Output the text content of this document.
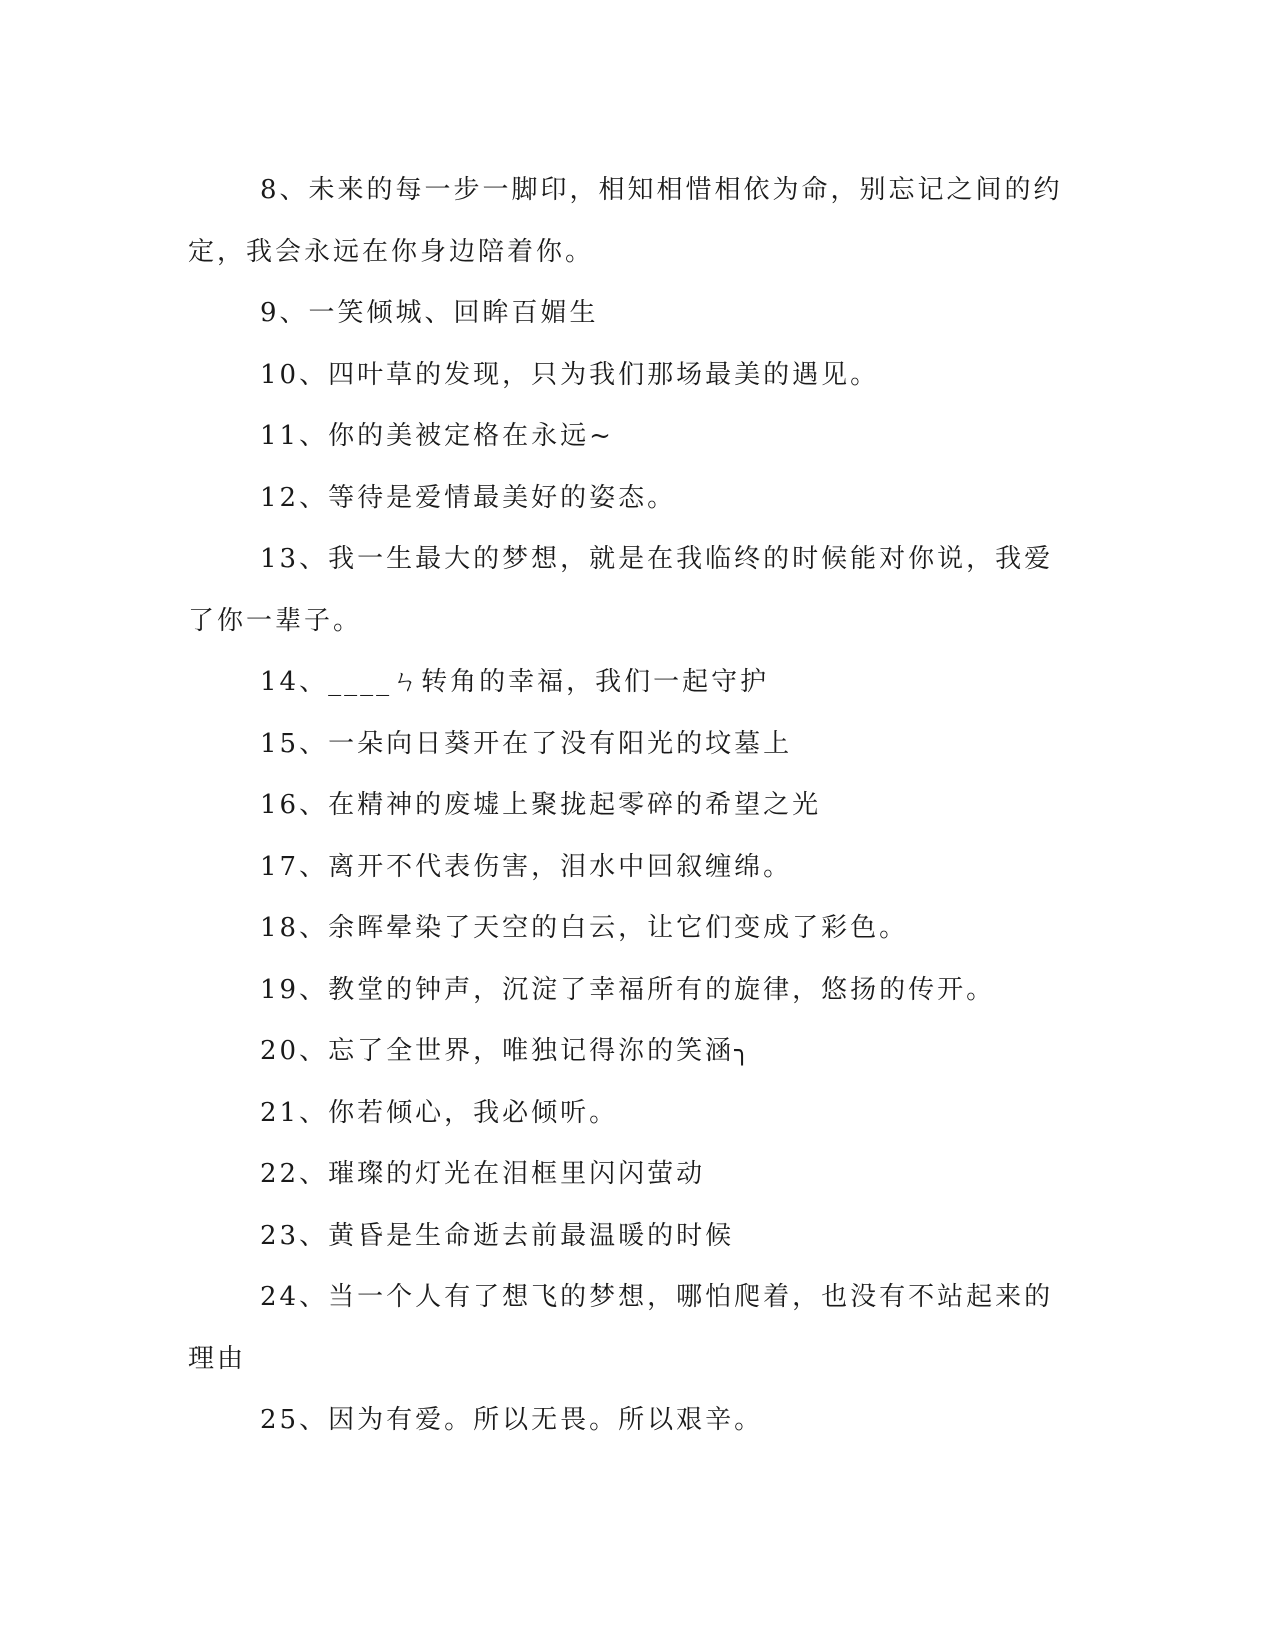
8、未来的每一步一脚印，相知相惜相依为命，别忘记之间的约定，我会永远在你身边陪着你。

9、一笑倾城、回眸百媚生

10、四叶草的发现，只为我们那场最美的遇见。

11、你的美被定格在永远~

12、等待是爱情最美好的姿态。

13、我一生最大的梦想，就是在我临终的时候能对你说，我爱了你一辈子。

14、____ㄣ转角的幸福，我们一起守护

15、一朵向日葵开在了没有阳光的坟墓上

16、在精神的废墟上聚拢起零碎的希望之光

17、离开不代表伤害，泪水中回叙缠绵。

18、余晖晕染了天空的白云，让它们变成了彩色。

19、教堂的钟声，沉淀了幸福所有的旋律，悠扬的传开。

20、忘了全世界，唯独记得沵的笑涵╮

21、你若倾心，我必倾听。

22、璀璨的灯光在泪框里闪闪萤动

23、黄昏是生命逝去前最温暖的时候

24、当一个人有了想飞的梦想，哪怕爬着，也没有不站起来的理由

25、因为有爱。所以无畏。所以艰辛。
